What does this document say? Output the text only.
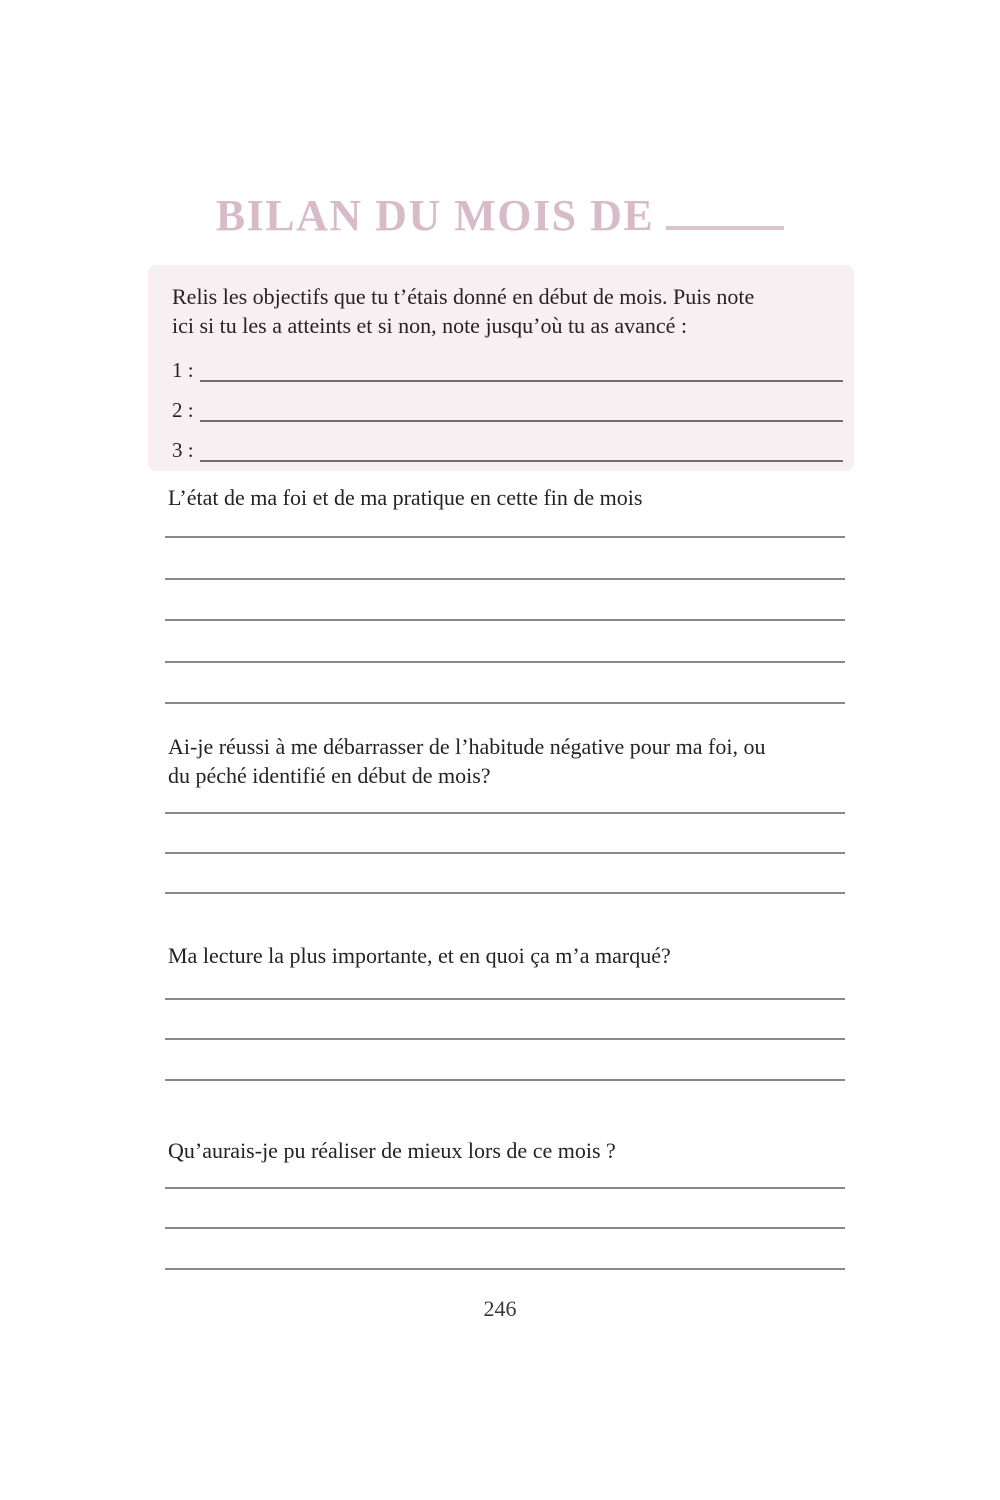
BILAN DU MOIS DE

Relis les objectifs que tu t’étais donné en début de mois. Puis note
ici si tu les a atteints et si non, note jusqu’où tu as avancé :

1 :
2 :
3 :
L’état de ma foi et de ma pratique en cette fin de mois
Ai-je réussi à me débarrasser de l’habitude négative pour ma foi, ou
du péché identifié en début de mois?
Ma lecture la plus importante, et en quoi ça m’a marqué?
Qu’aurais-je pu réaliser de mieux lors de ce mois ?
246
